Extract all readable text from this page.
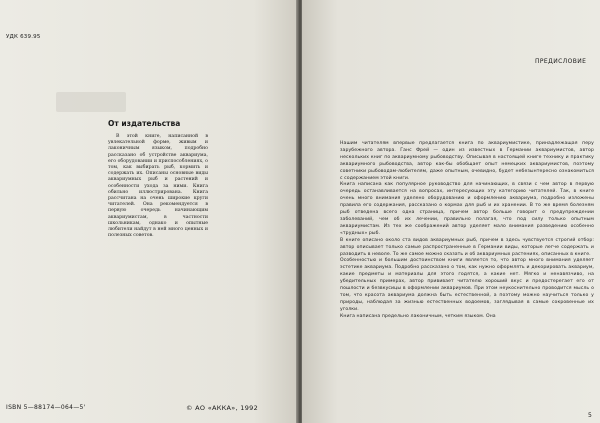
УДК 639.95
От издательства
В этой книге, написанной в увлекательной форме, живым и лаконичным языком, подробно рассказано об устройстве аквариума, его оборудовании и приспособлениях, о том, как выбирать рыб, кормить и содержать их. Описаны основные виды аквариумных рыб и растений и особенности ухода за ними. Книга обильно иллюстрирована. Книга рассчитана на очень широкие круги читателей. Она рекомендуется в первую очередь начинающим аквариумистам, в частности школьникам, однако и опытные любители найдут в ней много ценных и полезных советов.
ISBN 5—88174—064—5'	© АО «АККА», 1992
ПРЕДИСЛОВИЕ

Нашим читателям впервые предлагается книга по аквариумистике, принадлежащая перу зарубежного автора. Ганс Фрей — один из известных в Германии аквариумистов, автор нескольких книг по аквариумному рыбоводству. Описывая в настоящей книге технику и практику аквариумного рыбоводства, автор как-бы обобщает опыт немецких аквариумистов, поэтому советники рыбоводам-любителям, даже опытным, очевидно, будет небезынтересно ознакомиться с содержанием этой книги.

Книга написана как популярное руководство для начинающих, в связи с чем автор в первую очередь останавливается на вопросах, интересующих эту категорию читателей. Так, в книге очень много внимания уделено оборудованию и оформлению аквариума, подробно изложены правила его содержания, рассказано о кормах для рыб и их хранении. В то же время болезням рыб отведена всего одна страница, причем автор больше говорит о предупреждении заболеваний, чем об их лечении, правильно полагая, что под силу только опытным аквариумистам. Из тех же соображений автор уделяет мало внимания разведению особенно «трудных» рыб.

В книге описано около ста видов аквариумных рыб, причем в здесь чувствуется строгий отбор: автор описывает только самые распространенные в Германии виды, которые легче содержать и разводить в неволе. То же самое можно сказать и об аквариумных растениях, описанных в книге.

Особенностью и большим достоинством книги является то, что автор много внимания уделяет эстетике аквариума. Подробно рассказано о том, как нужно оформлять и декорировать аквариум, какие предметы и материалы для этого годятся, а какие нет. Мягко и ненавязчиво, на убедительных примерах, автор прививает читателю хороший вкус и предостерегает его от пошлости и безвкусицы в оформлении аквариумов. При этом неукоснительно проводится мысль о том, что красота аквариума должна быть естественной, а поэтому можно научиться только у природы, наблюдая за жизнью естественных водоемов, заглядывая в самые сокровенные их уголки.

Книга написана предельно лаконичным, четким языком. Она

5
